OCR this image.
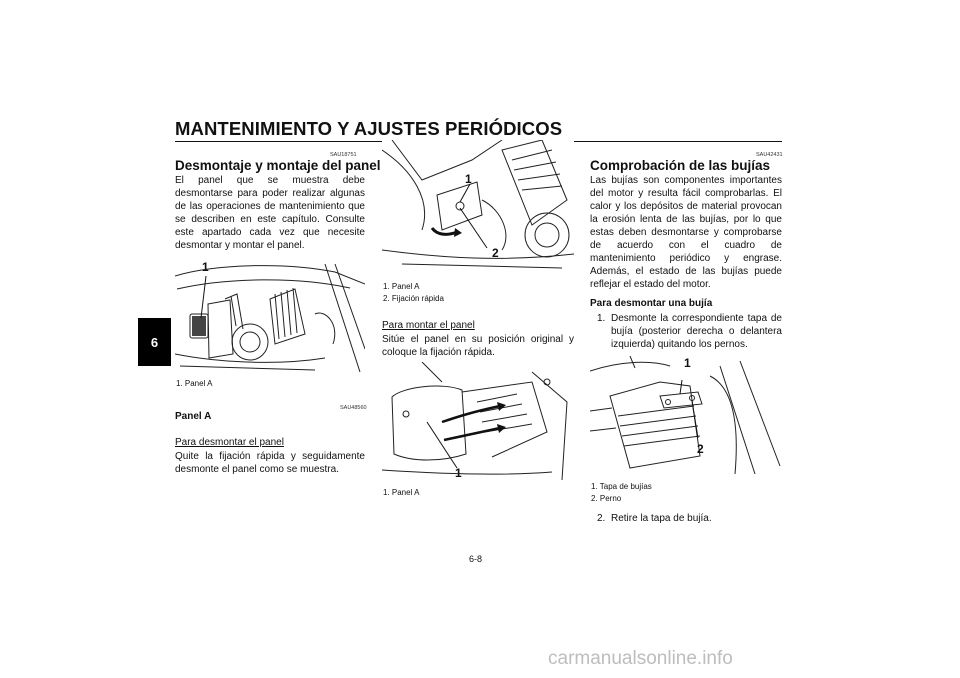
MANTENIMIENTO Y AJUSTES PERIÓDICOS
6
SAU18751
Desmontaje y montaje del panel
El panel que se muestra debe desmontarse para poder realizar algunas de las operaciones de mantenimiento que se describen en este capítulo. Consulte este apartado cada vez que necesite desmontar y montar el panel.
1
1. Panel A
SAU48560
Panel A
Para desmontar el panel
Quite la fijación rápida y seguidamente desmonte el panel como se muestra.
1
2
1. Panel A
2. Fijación rápida
Para montar el panel
Sitúe el panel en su posición original y coloque la fijación rápida.
1
1. Panel A
SAU42431
Comprobación de las bujías
Las bujías son componentes importantes del motor y resulta fácil comprobarlas. El calor y los depósitos de material provocan la erosión lenta de las bujías, por lo que estas deben desmontarse y comprobarse de acuerdo con el cuadro de mantenimiento periódico y engrase. Además, el estado de las bujías puede reflejar el estado del motor.
Para desmontar una bujía
1. Desmonte la correspondiente tapa de bujía (posterior derecha o delantera izquierda) quitando los pernos.
1
2
1. Tapa de bujías
2. Perno
2. Retire la tapa de bujía.
6-8
carmanualsonline.info
